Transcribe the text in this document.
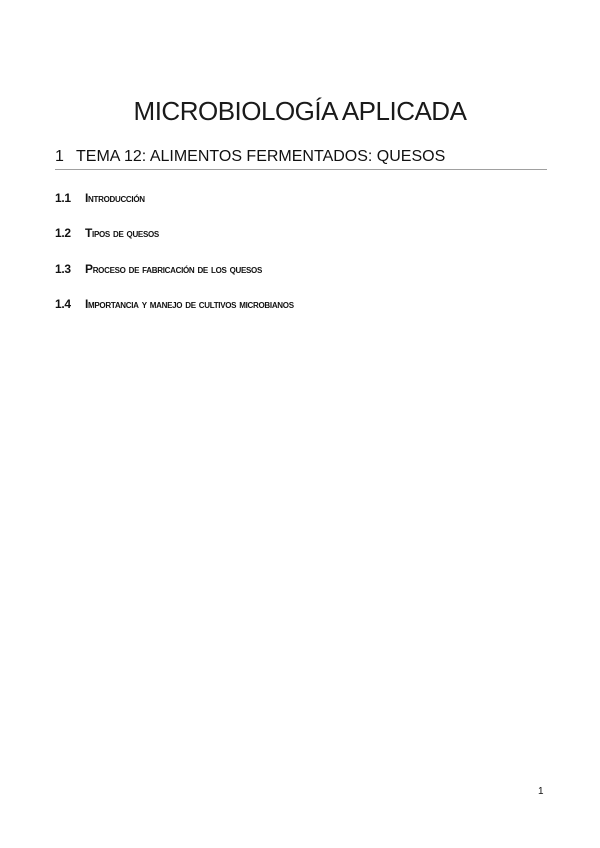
MICROBIOLOGÍA APLICADA
1 TEMA 12: ALIMENTOS FERMENTADOS: QUESOS
1.1 Introducción
1.2 Tipos de quesos
1.3 Proceso de fabricación de los quesos
1.4 Importancia y manejo de cultivos microbianos
1
